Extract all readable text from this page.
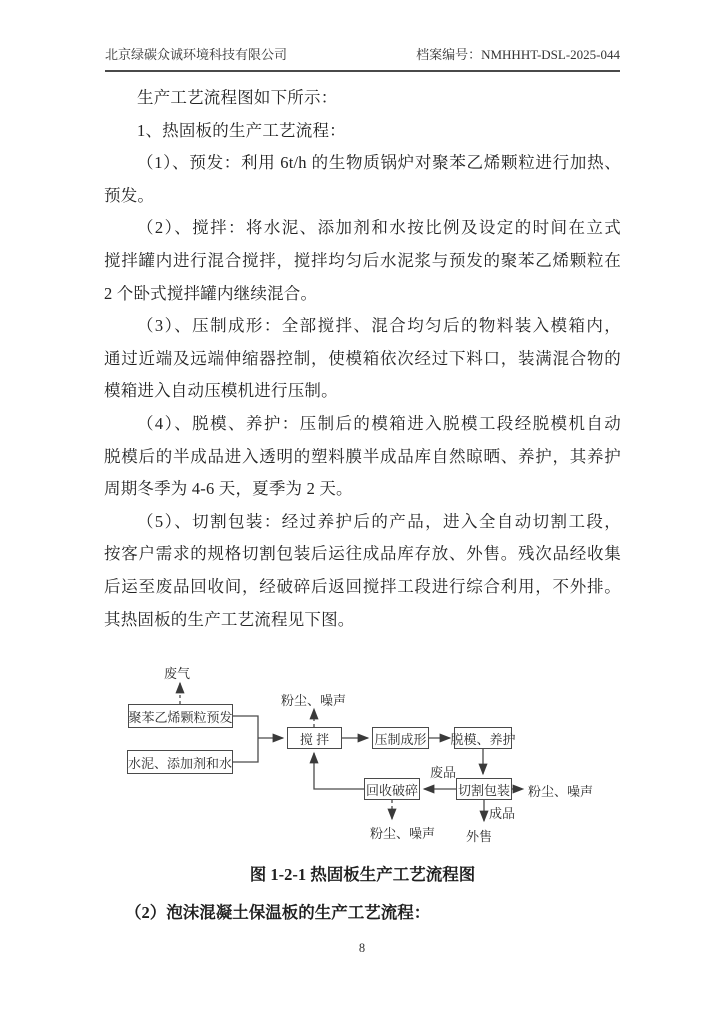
北京绿碳众诚环境科技有限公司	档案编号：NMHHHT-DSL-2025-044
生产工艺流程图如下所示：
1、热固板的生产工艺流程：
（1）、预发：利用 6t/h 的生物质锅炉对聚苯乙烯颗粒进行加热、
预发。
（2）、搅拌：将水泥、添加剂和水按比例及设定的时间在立式
搅拌罐内进行混合搅拌，搅拌均匀后水泥浆与预发的聚苯乙烯颗粒在
2 个卧式搅拌罐内继续混合。
（3）、压制成形：全部搅拌、混合均匀后的物料装入模箱内，
通过近端及远端伸缩器控制，使模箱依次经过下料口，装满混合物的
模箱进入自动压模机进行压制。
（4）、脱模、养护：压制后的模箱进入脱模工段经脱模机自动
脱模后的半成品进入透明的塑料膜半成品库自然晾晒、养护，其养护
周期冬季为 4-6 天，夏季为 2 天。
（5）、切割包装：经过养护后的产品，进入全自动切割工段，
按客户需求的规格切割包装后运往成品库存放、外售。残次品经收集
后运至废品回收间，经破碎后返回搅拌工段进行综合利用，不外排。
其热固板的生产工艺流程见下图。
聚苯乙烯颗粒预发
水泥、添加剂和水
搅 拌	压制成形 脱模、养护
切割包装
回收破碎
废气
粉尘、噪声
废品
粉尘、噪声
成品
外售
粉尘、噪声
图 1-2-1 热固板生产工艺流程图
（2）泡沫混凝土保温板的生产工艺流程：
8
